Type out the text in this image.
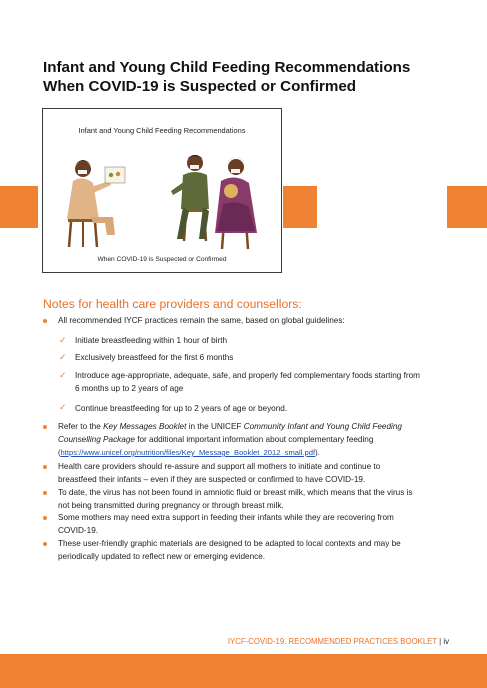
Infant and Young Child Feeding Recommendations
When COVID-19 is Suspected or Confirmed
Infant and Young Child Feeding Recommendations
When COVID-19 is Suspected or Confirmed
Notes for health care providers and counsellors:
All recommended IYCF practices remain the same, based on global guidelines:
✓ Initiate breastfeeding within 1 hour of birth
✓ Exclusively breastfeed for the first 6 months
✓ Introduce age-appropriate, adequate, safe, and properly fed complementary foods starting from
6 months up to 2 years of age
✓ Continue breastfeeding for up to 2 years of age or beyond.
Refer to the Key Messages Booklet in the UNICEF Community Infant and Young Child Feeding
Counselling Package for additional important information about complementary feeding
(https://www.unicef.org/nutrition/files/Key_Message_Booklet_2012_small.pdf).
Health care providers should re-assure and support all mothers to initiate and continue to
breastfeed their infants – even if they are suspected or confirmed to have COVID-19.
To date, the virus has not been found in amniotic fluid or breast milk, which means that the virus is
not being transmitted during pregnancy or through breast milk.
Some mothers may need extra support in feeding their infants while they are recovering from
COVID-19.
These user-friendly graphic materials are designed to be adapted to local contexts and may be
periodically updated to reflect new or emerging evidence.
IYCF-COVID-19. RECOMMENDED PRACTICES BOOKLET | iv
